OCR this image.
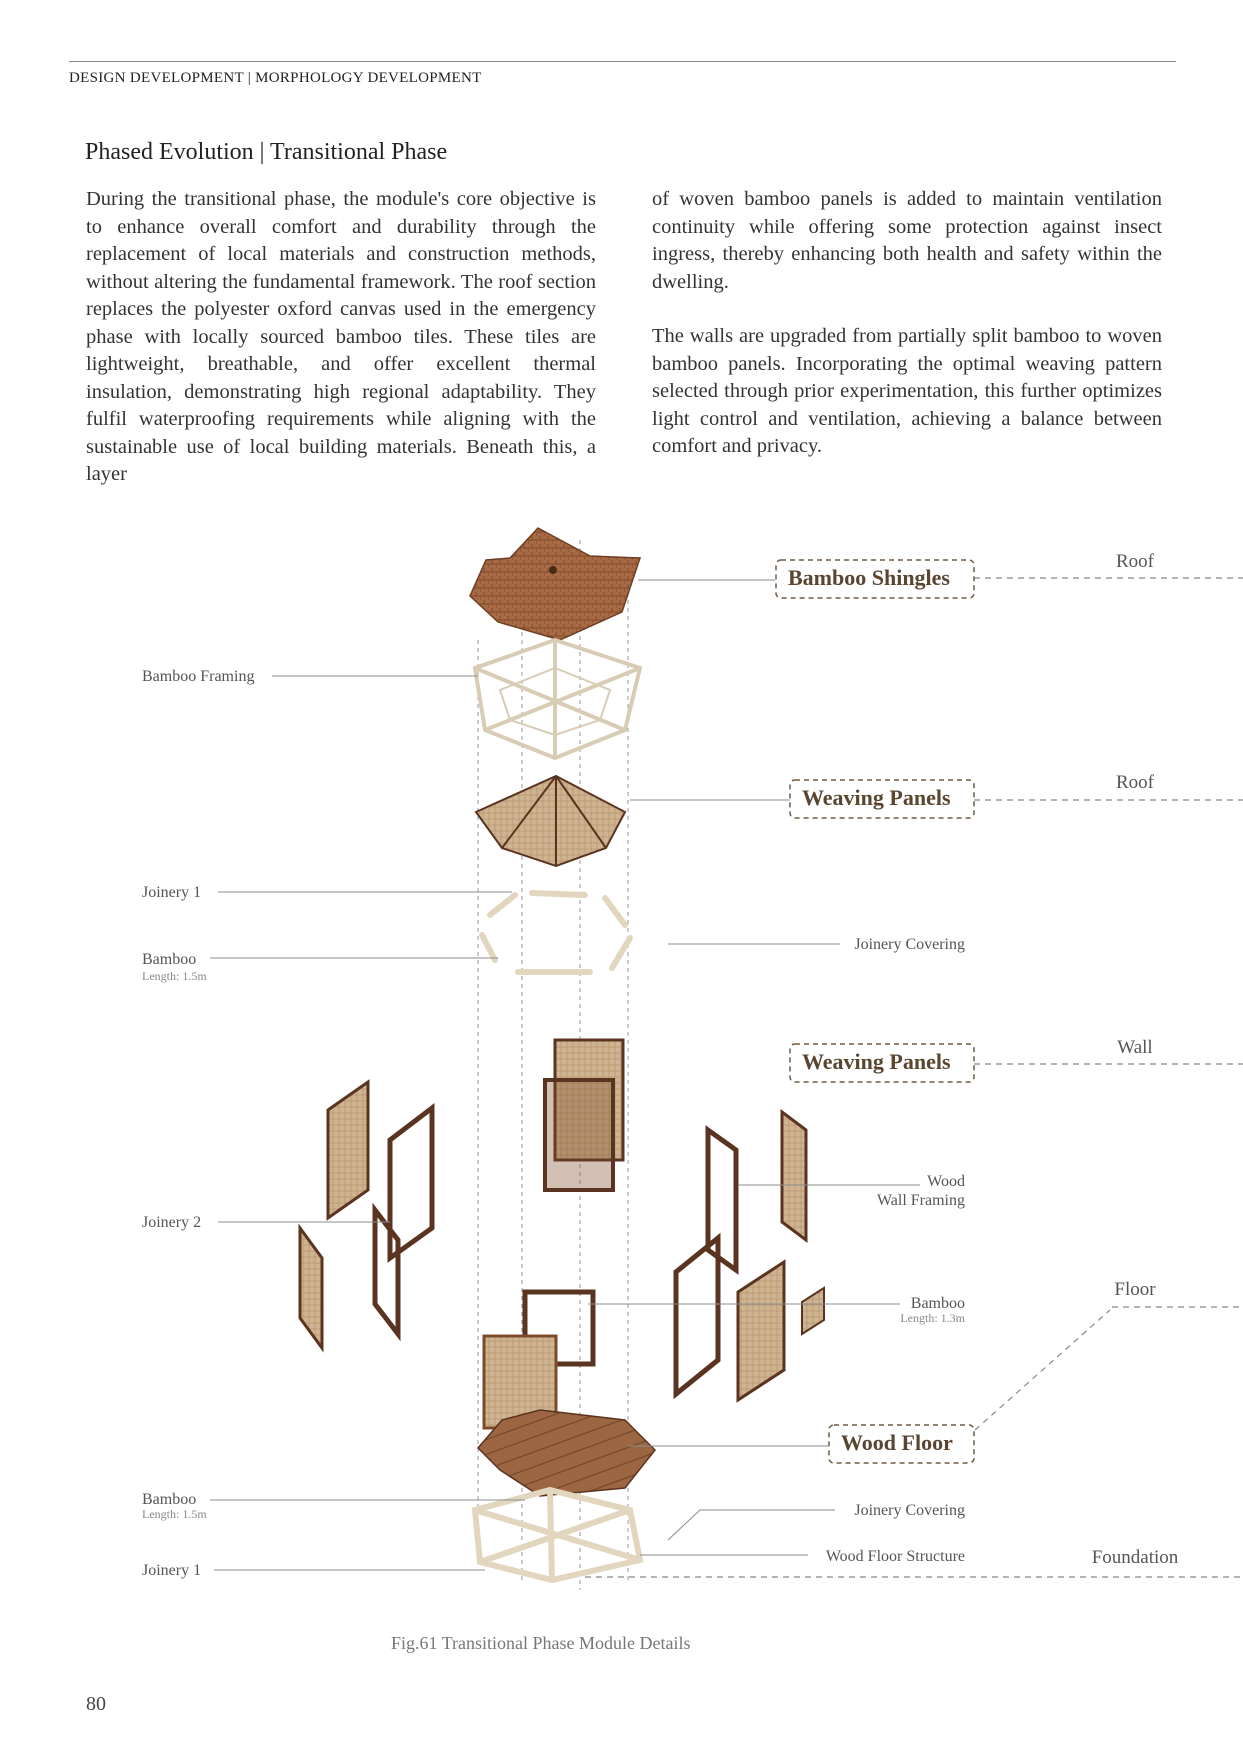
DESIGN DEVELOPMENT | MORPHOLOGY DEVELOPMENT
Phased Evolution | Transitional Phase

During the transitional phase, the module's core objective is to enhance overall comfort and durability through the replacement of local materials and construction methods, without altering the fundamental framework. The roof section replaces the polyester oxford canvas used in the emergency phase with locally sourced bamboo tiles. These tiles are lightweight, breathable, and offer excellent thermal insulation, demonstrating high regional adaptability. They fulfil waterproofing requirements while aligning with the sustainable use of local building materials. Beneath this, a layer

of woven bamboo panels is added to maintain ventilation continuity while offering some protection against insect ingress, thereby enhancing both health and safety within the dwelling.

The walls are upgraded from partially split bamboo to woven bamboo panels. Incorporating the optimal weaving pattern selected through prior experimentation, this further optimizes light control and ventilation, achieving a balance between comfort and privacy.

Bamboo Shingles
Weaving Panels
Weaving Panels
Wood Floor
Bamboo Framing
Joinery 1
Bamboo
Length: 1.5m
Joinery 2
Bamboo
Length: 1.5m
Joinery 1
Joinery Covering
Wood
Wall Framing
Bamboo
Length: 1.3m
Joinery Covering
Wood Floor Structure
Roof
Roof
Wall
Floor
Foundation
Fig.61 Transitional Phase Module Details
80
